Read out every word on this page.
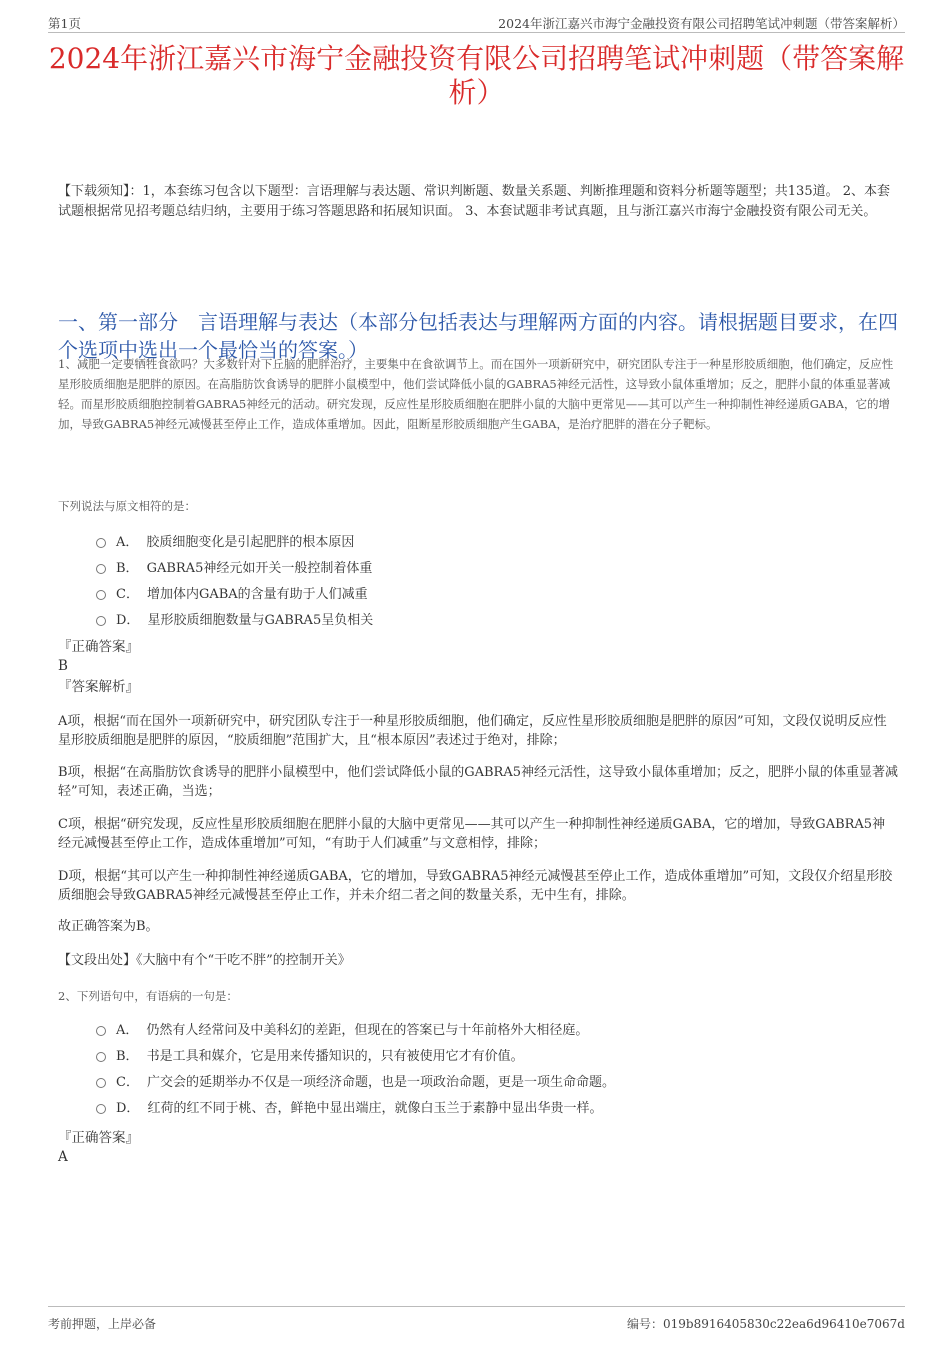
第1页	2024年浙江嘉兴市海宁金融投资有限公司招聘笔试冲刺题（带答案解析）
2024年浙江嘉兴市海宁金融投资有限公司招聘笔试冲刺题（带答案解析）
【下载须知】：1，本套练习包含以下题型：言语理解与表达题、常识判断题、数量关系题、判断推理题和资料分析题等题型；共135道。 2、本套试题根据常见招考题总结归纳，主要用于练习答题思路和拓展知识面。 3、本套试题非考试真题，且与浙江嘉兴市海宁金融投资有限公司无关。
一、第一部分　言语理解与表达（本部分包括表达与理解两方面的内容。请根据题目要求，在四个选项中选出一个最恰当的答案。）
1、减肥一定要牺牲食欲吗？大多数针对下丘脑的肥胖治疗，主要集中在食欲调节上。而在国外一项新研究中，研究团队专注于一种星形胶质细胞，他们确定，反应性星形胶质细胞是肥胖的原因。在高脂肪饮食诱导的肥胖小鼠模型中，他们尝试降低小鼠的GABRA5神经元活性，这导致小鼠体重增加；反之，肥胖小鼠的体重显著减轻。而星形胶质细胞控制着GABRA5神经元的活动。研究发现，反应性星形胶质细胞在肥胖小鼠的大脑中更常见——其可以产生一种抑制性神经递质GABA，它的增加，导致GABRA5神经元减慢甚至停止工作，造成体重增加。因此，阻断星形胶质细胞产生GABA，是治疗肥胖的潜在分子靶标。
下列说法与原文相符的是：
A． 胶质细胞变化是引起肥胖的根本原因
B． GABRA5神经元如开关一般控制着体重
C． 增加体内GABA的含量有助于人们减重
D． 星形胶质细胞数量与GABRA5呈负相关
『正确答案』
B
『答案解析』
A项，根据“而在国外一项新研究中，研究团队专注于一种星形胶质细胞，他们确定，反应性星形胶质细胞是肥胖的原因”可知，文段仅说明反应性星形胶质细胞是肥胖的原因，“胶质细胞”范围扩大，且“根本原因”表述过于绝对，排除；
B项，根据“在高脂肪饮食诱导的肥胖小鼠模型中，他们尝试降低小鼠的GABRA5神经元活性，这导致小鼠体重增加；反之，肥胖小鼠的体重显著减轻”可知，表述正确，当选；
C项，根据“研究发现，反应性星形胶质细胞在肥胖小鼠的大脑中更常见——其可以产生一种抑制性神经递质GABA，它的增加，导致GABRA5神经元减慢甚至停止工作，造成体重增加”可知，“有助于人们减重”与文意相悖，排除；
D项，根据“其可以产生一种抑制性神经递质GABA，它的增加，导致GABRA5神经元减慢甚至停止工作，造成体重增加”可知，文段仅介绍星形胶质细胞会导致GABRA5神经元减慢甚至停止工作，并未介绍二者之间的数量关系，无中生有，排除。
故正确答案为B。
【文段出处】《大脑中有个“干吃不胖”的控制开关》
2、下列语句中，有语病的一句是：
A． 仍然有人经常问及中美科幻的差距，但现在的答案已与十年前格外大相径庭。
B． 书是工具和媒介，它是用来传播知识的，只有被使用它才有价值。
C． 广交会的延期举办不仅是一项经济命题，也是一项政治命题，更是一项生命命题。
D． 红荷的红不同于桃、杏，鲜艳中显出端庄，就像白玉兰于素静中显出华贵一样。
『正确答案』
A
考前押题，上岸必备	编号：019b8916405830c22ea6d96410e7067d
